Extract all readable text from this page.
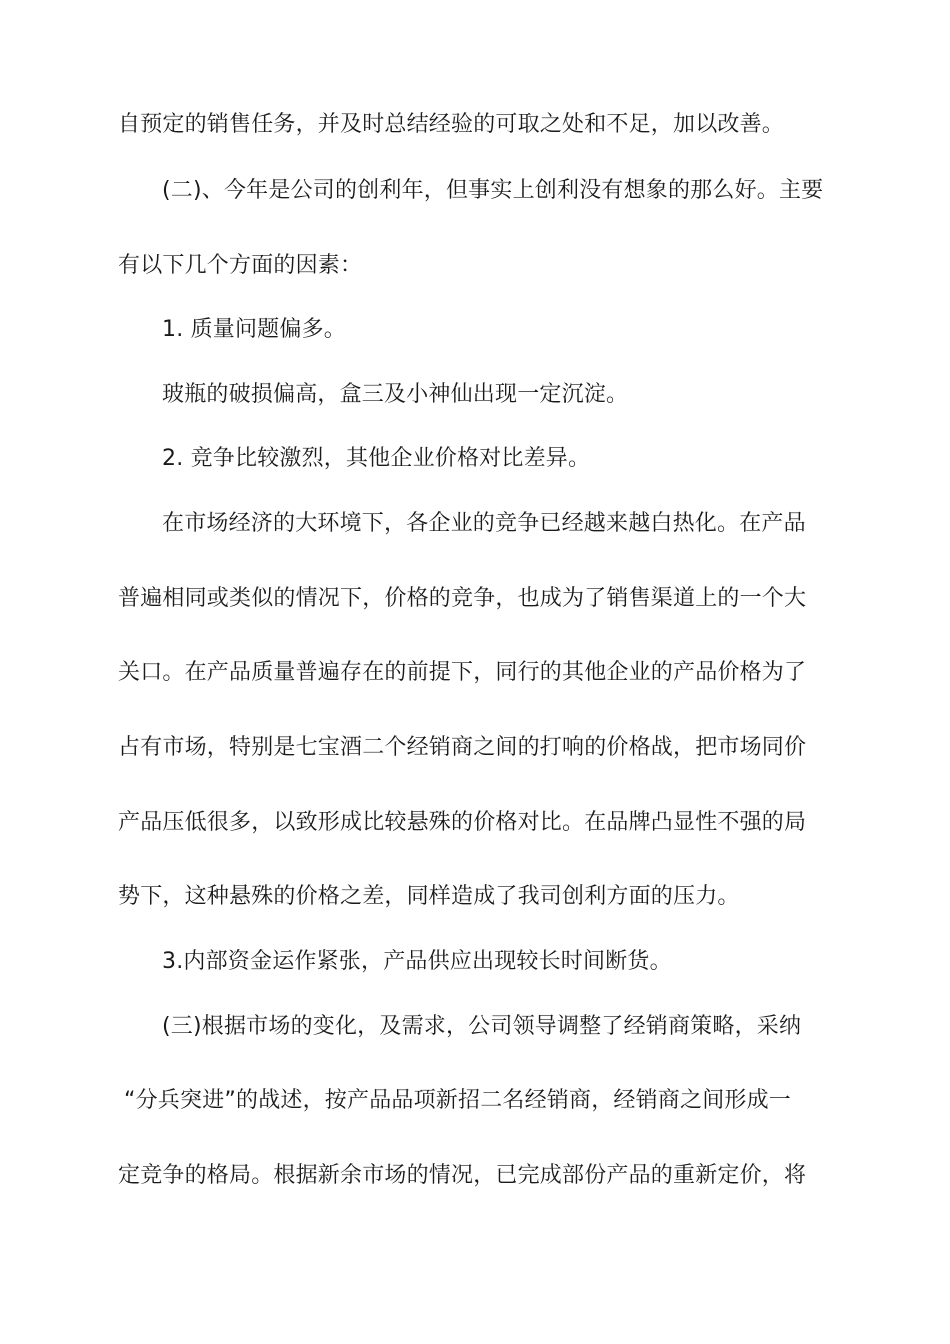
自预定的销售任务，并及时总结经验的可取之处和不足，加以改善。
(二)、今年是公司的创利年，但事实上创利没有想象的那么好。主要
有以下几个方面的因素：
1. 质量问题偏多。
玻瓶的破损偏高，盒三及小神仙出现一定沉淀。
2. 竞争比较激烈，其他企业价格对比差异。
在市场经济的大环境下，各企业的竞争已经越来越白热化。在产品
普遍相同或类似的情况下，价格的竞争，也成为了销售渠道上的一个大
关口。在产品质量普遍存在的前提下，同行的其他企业的产品价格为了
占有市场，特别是七宝酒二个经销商之间的打响的价格战，把市场同价
产品压低很多，以致形成比较悬殊的价格对比。在品牌凸显性不强的局
势下，这种悬殊的价格之差，同样造成了我司创利方面的压力。
3.内部资金运作紧张，产品供应出现较长时间断货。
(三)根据市场的变化，及需求，公司领导调整了经销商策略，采纳
“分兵突进”的战述，按产品品项新招二名经销商，经销商之间形成一
定竞争的格局。根据新余市场的情况，已完成部份产品的重新定价，将
